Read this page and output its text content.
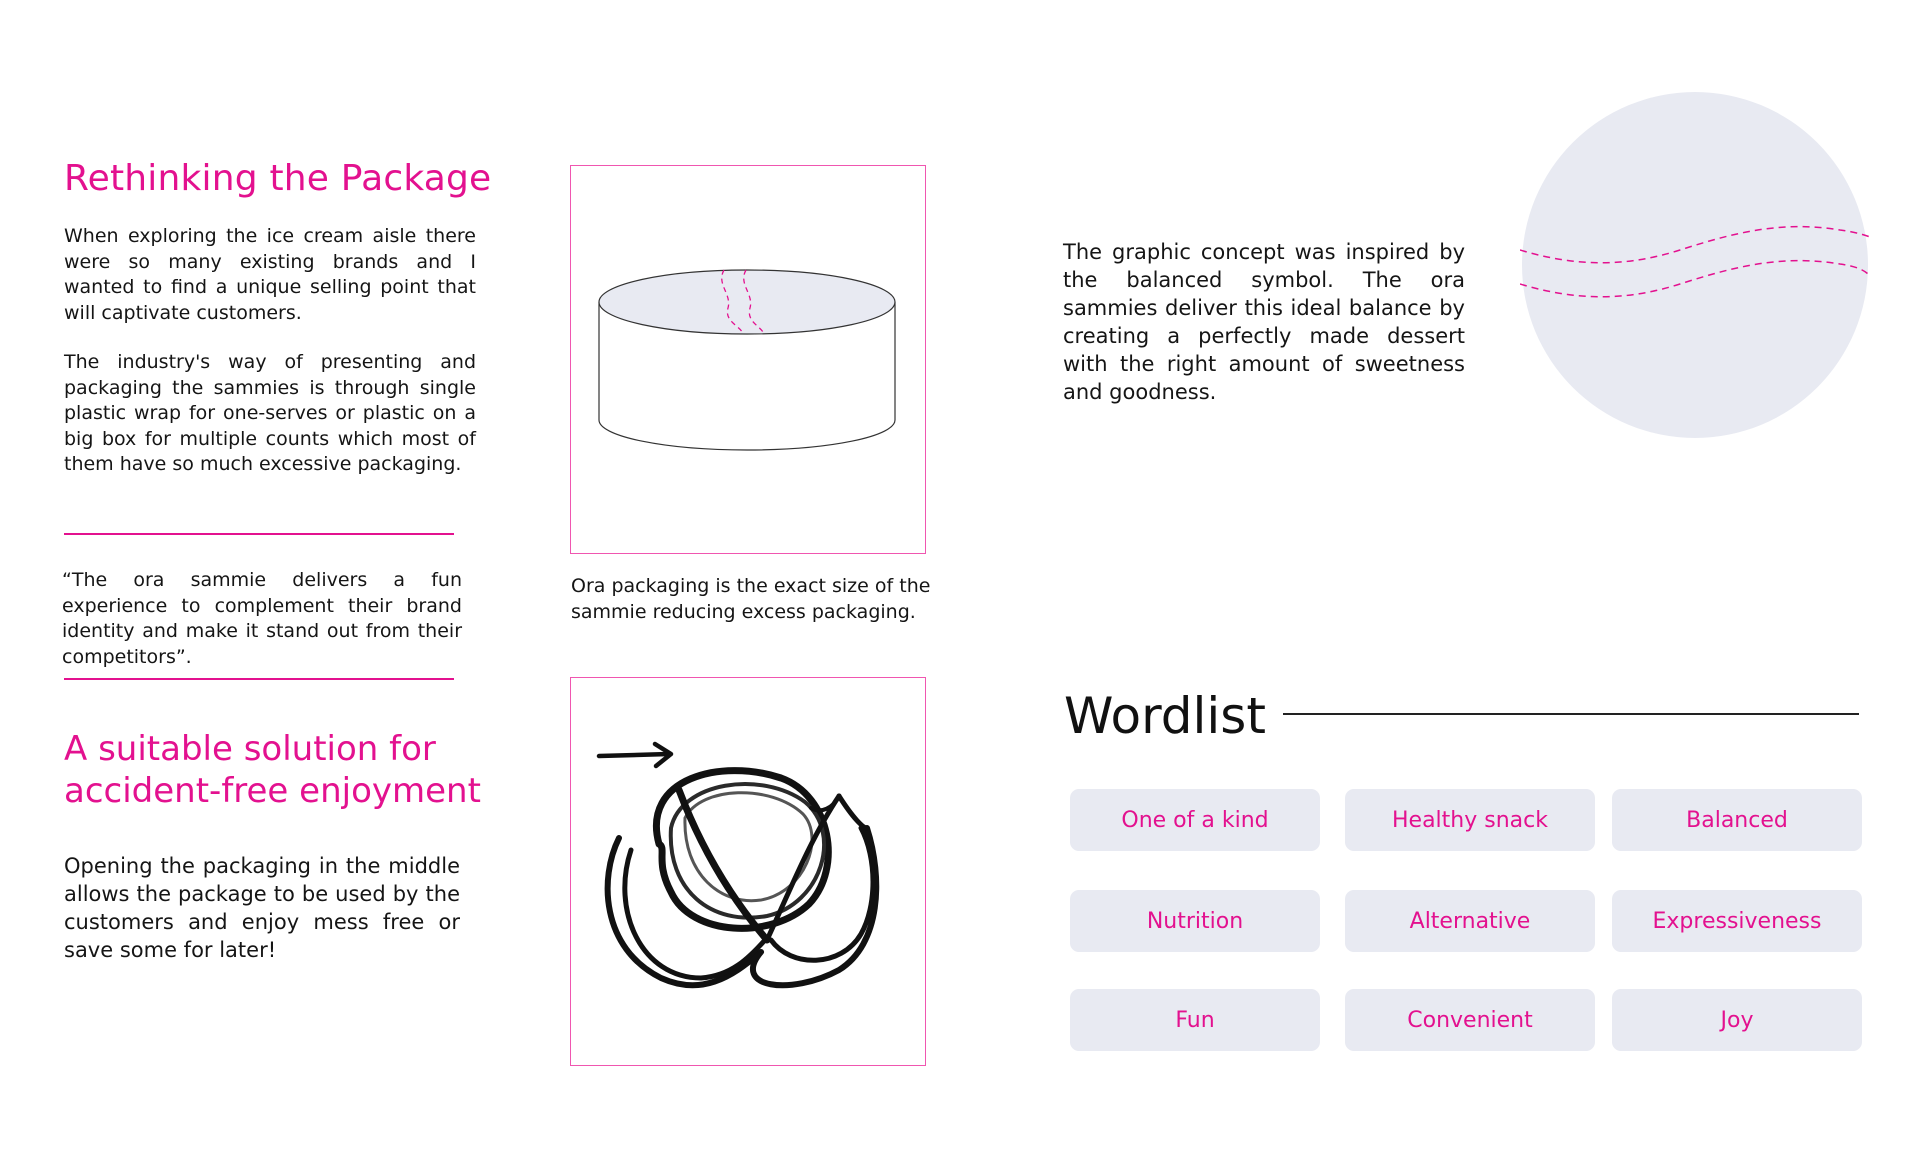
Rethinking the Package

When exploring the ice cream aisle there were so many existing brands and I wanted to find a unique selling point that will captivate customers.

The industry's way of presenting and packaging the sammies is through single plastic wrap for one-serves or plastic on a big box for multiple counts which most of them have so much excessive packaging.

“The ora sammie delivers a fun experience to complement their brand identity and make it stand out from their competitors”.

A suitable solution for accident-free enjoyment

Opening the packaging in the middle allows the package to be used by the customers and enjoy mess free or save some for later!

Ora packaging is the exact size of the sammie reducing excess packaging.

The graphic concept was inspired by the balanced symbol. The ora sammies deliver this ideal balance by creating a perfectly made dessert with the right amount of sweetness and goodness.

Wordlist
One of a kind	Healthy snack	Balanced
Nutrition	Alternative	Expressiveness
Fun	Convenient	Joy
